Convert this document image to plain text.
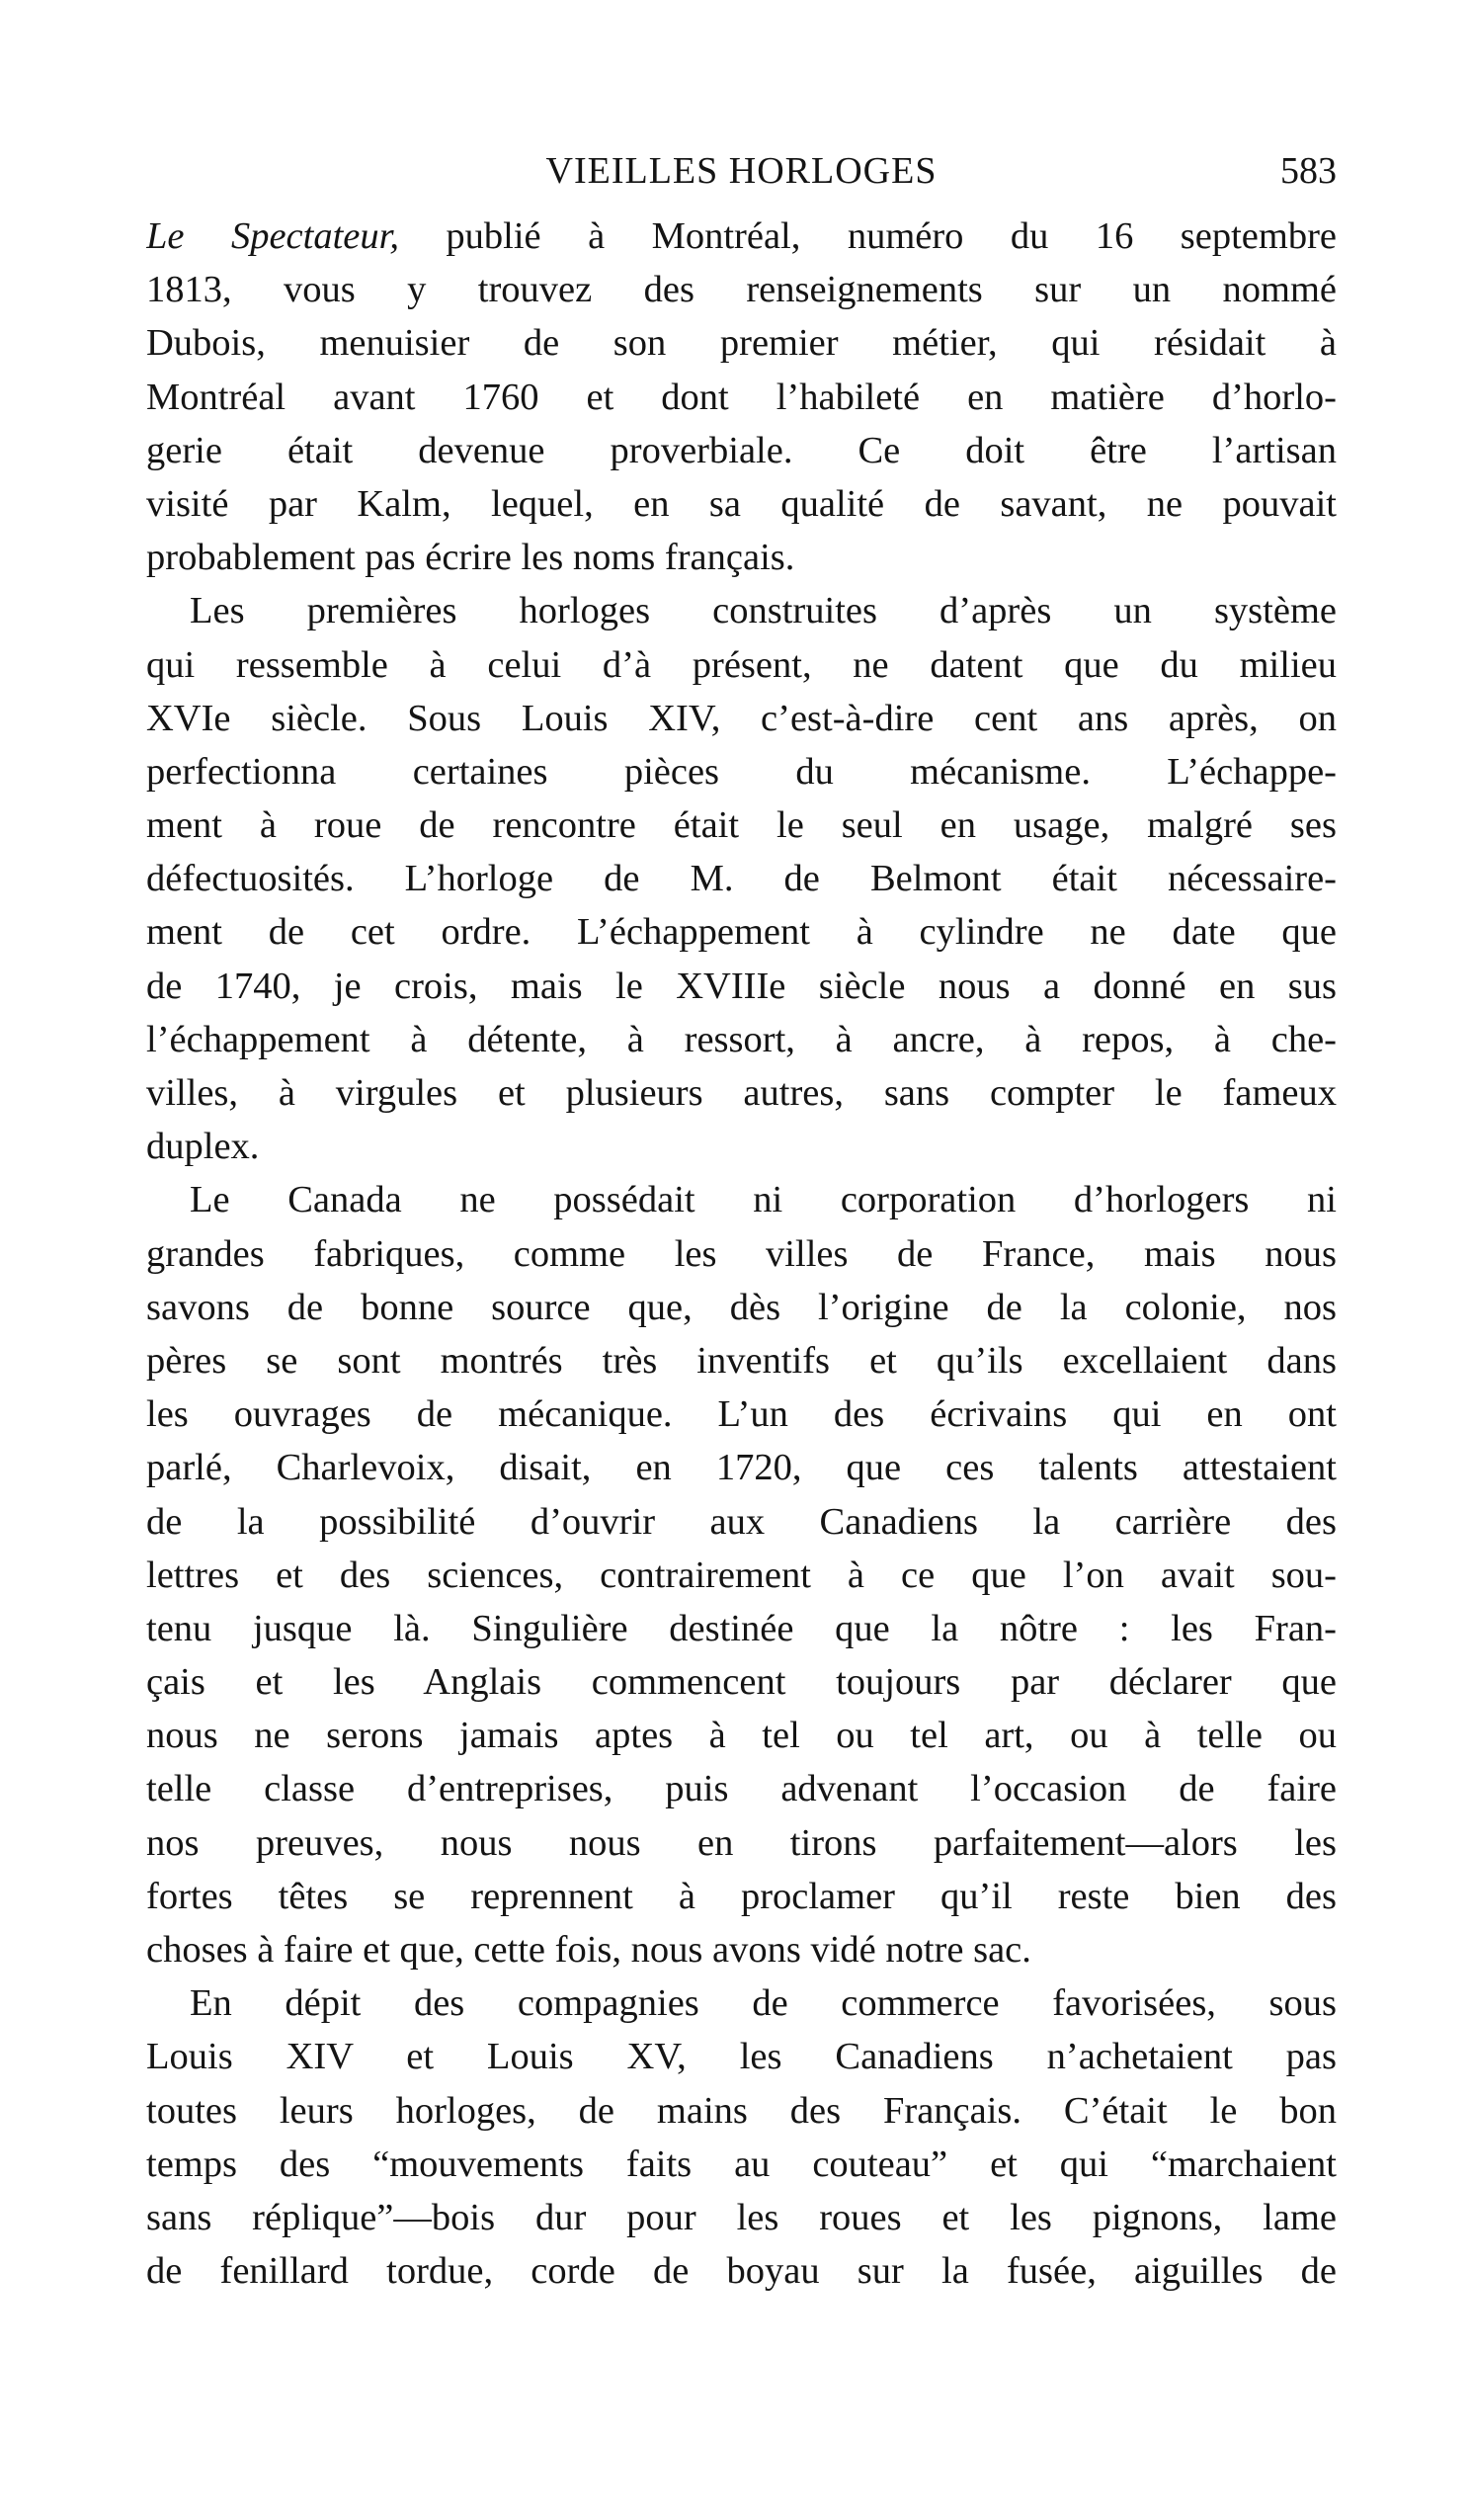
VIEILLES HORLOGES	583
Le Spectateur, publié à Montréal, numéro du 16 septembre
1813, vous y trouvez des renseignements sur un nommé
Dubois, menuisier de son premier métier, qui résidait à
Montréal avant 1760 et dont l’habileté en matière d’horlo-
gerie était devenue proverbiale. Ce doit être l’artisan
visité par Kalm, lequel, en sa qualité de savant, ne pouvait
probablement pas écrire les noms français.
Les premières horloges construites d’après un système
qui ressemble à celui d’à présent, ne datent que du milieu
XVIe siècle. Sous Louis XIV, c’est-à-dire cent ans après, on
perfectionna certaines pièces du mécanisme. L’échappe-
ment à roue de rencontre était le seul en usage, malgré ses
défectuosités. L’horloge de M. de Belmont était nécessaire-
ment de cet ordre. L’échappement à cylindre ne date que
de 1740, je crois, mais le XVIIIe siècle nous a donné en sus
l’échappement à détente, à ressort, à ancre, à repos, à che-
villes, à virgules et plusieurs autres, sans compter le fameux
duplex.
Le Canada ne possédait ni corporation d’horlogers ni
grandes fabriques, comme les villes de France, mais nous
savons de bonne source que, dès l’origine de la colonie, nos
pères se sont montrés très inventifs et qu’ils excellaient dans
les ouvrages de mécanique. L’un des écrivains qui en ont
parlé, Charlevoix, disait, en 1720, que ces talents attestaient
de la possibilité d’ouvrir aux Canadiens la carrière des
lettres et des sciences, contrairement à ce que l’on avait sou-
tenu jusque là. Singulière destinée que la nôtre : les Fran-
çais et les Anglais commencent toujours par déclarer que
nous ne serons jamais aptes à tel ou tel art, ou à telle ou
telle classe d’entreprises, puis advenant l’occasion de faire
nos preuves, nous nous en tirons parfaitement—alors les
fortes têtes se reprennent à proclamer qu’il reste bien des
choses à faire et que, cette fois, nous avons vidé notre sac.
En dépit des compagnies de commerce favorisées, sous
Louis XIV et Louis XV, les Canadiens n’achetaient pas
toutes leurs horloges, de mains des Français. C’était le bon
temps des “mouvements faits au couteau” et qui “marchaient
sans réplique”—bois dur pour les roues et les pignons, lame
de fenillard tordue, corde de boyau sur la fusée, aiguilles de
